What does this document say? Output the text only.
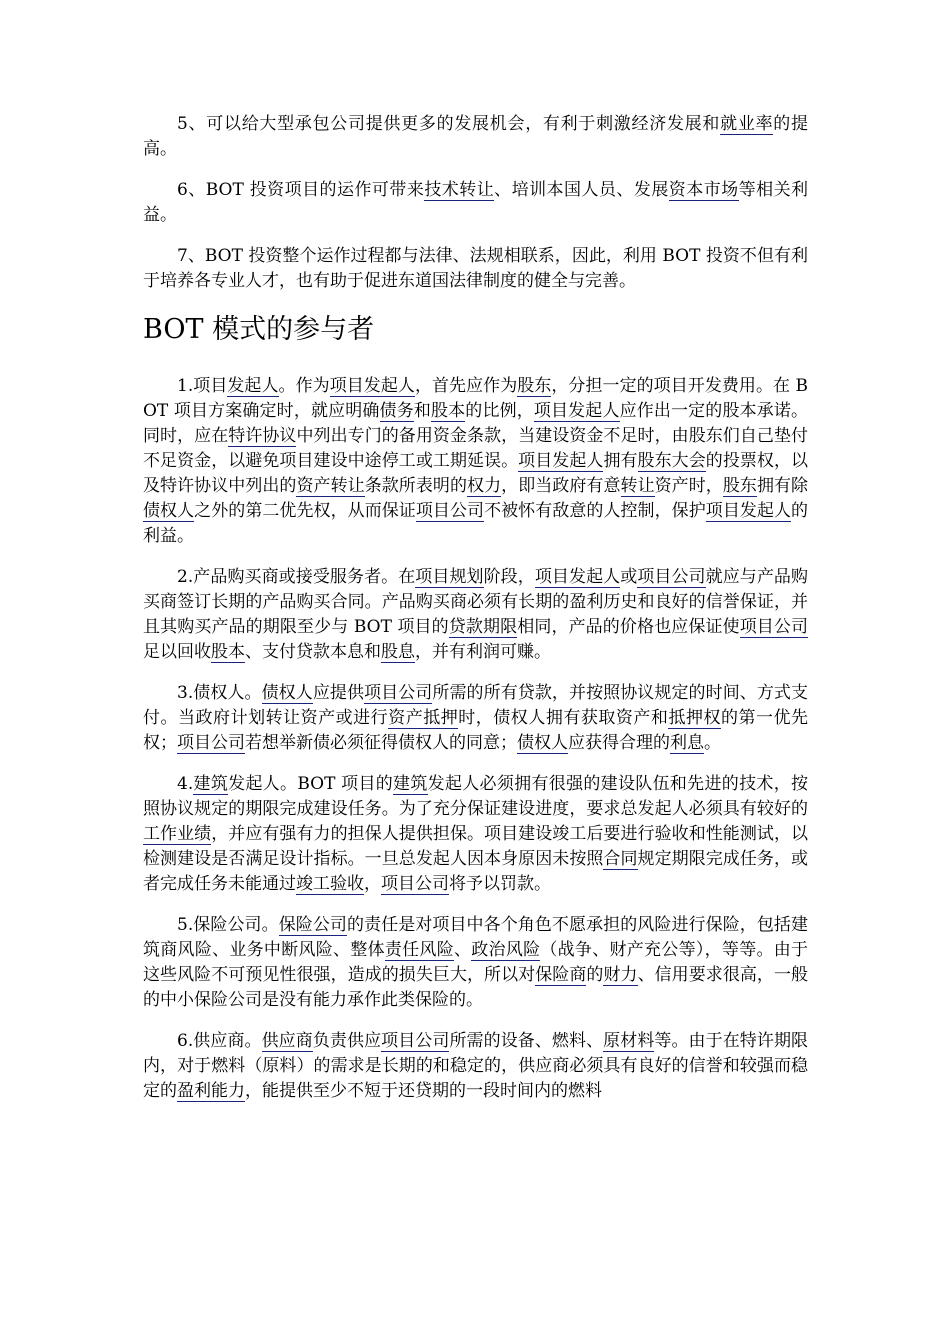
5、可以给大型承包公司提供更多的发展机会，有利于刺激经济发展和就业率的提高。

6、BOT 投资项目的运作可带来技术转让、培训本国人员、发展资本市场等相关利益。

7、BOT 投资整个运作过程都与法律、法规相联系，因此，利用 BOT 投资不但有利于培养各专业人才，也有助于促进东道国法律制度的健全与完善。

BOT 模式的参与者

1.项目发起人。作为项目发起人，首先应作为股东，分担一定的项目开发费用。在 BOT 项目方案确定时，就应明确债务和股本的比例，项目发起人应作出一定的股本承诺。同时，应在特许协议中列出专门的备用资金条款，当建设资金不足时，由股东们自己垫付不足资金，以避免项目建设中途停工或工期延误。项目发起人拥有股东大会的投票权，以及特许协议中列出的资产转让条款所表明的权力，即当政府有意转让资产时，股东拥有除债权人之外的第二优先权，从而保证项目公司不被怀有敌意的人控制，保护项目发起人的利益。

2.产品购买商或接受服务者。在项目规划阶段，项目发起人或项目公司就应与产品购买商签订长期的产品购买合同。产品购买商必须有长期的盈利历史和良好的信誉保证，并且其购买产品的期限至少与 BOT 项目的贷款期限相同，产品的价格也应保证使项目公司足以回收股本、支付贷款本息和股息，并有利润可赚。

3.债权人。债权人应提供项目公司所需的所有贷款，并按照协议规定的时间、方式支付。当政府计划转让资产或进行资产抵押时，债权人拥有获取资产和抵押权的第一优先权；项目公司若想举新债必须征得债权人的同意；债权人应获得合理的利息。

4.建筑发起人。BOT 项目的建筑发起人必须拥有很强的建设队伍和先进的技术，按照协议规定的期限完成建设任务。为了充分保证建设进度，要求总发起人必须具有较好的工作业绩，并应有强有力的担保人提供担保。项目建设竣工后要进行验收和性能测试，以检测建设是否满足设计指标。一旦总发起人因本身原因未按照合同规定期限完成任务，或者完成任务未能通过竣工验收，项目公司将予以罚款。

5.保险公司。保险公司的责任是对项目中各个角色不愿承担的风险进行保险，包括建筑商风险、业务中断风险、整体责任风险、政治风险（战争、财产充公等），等等。由于这些风险不可预见性很强，造成的损失巨大，所以对保险商的财力、信用要求很高，一般的中小保险公司是没有能力承作此类保险的。

6.供应商。供应商负责供应项目公司所需的设备、燃料、原材料等。由于在特许期限内，对于燃料（原料）的需求是长期的和稳定的，供应商必须具有良好的信誉和较强而稳定的盈利能力，能提供至少不短于还贷期的一段时间内的燃料
